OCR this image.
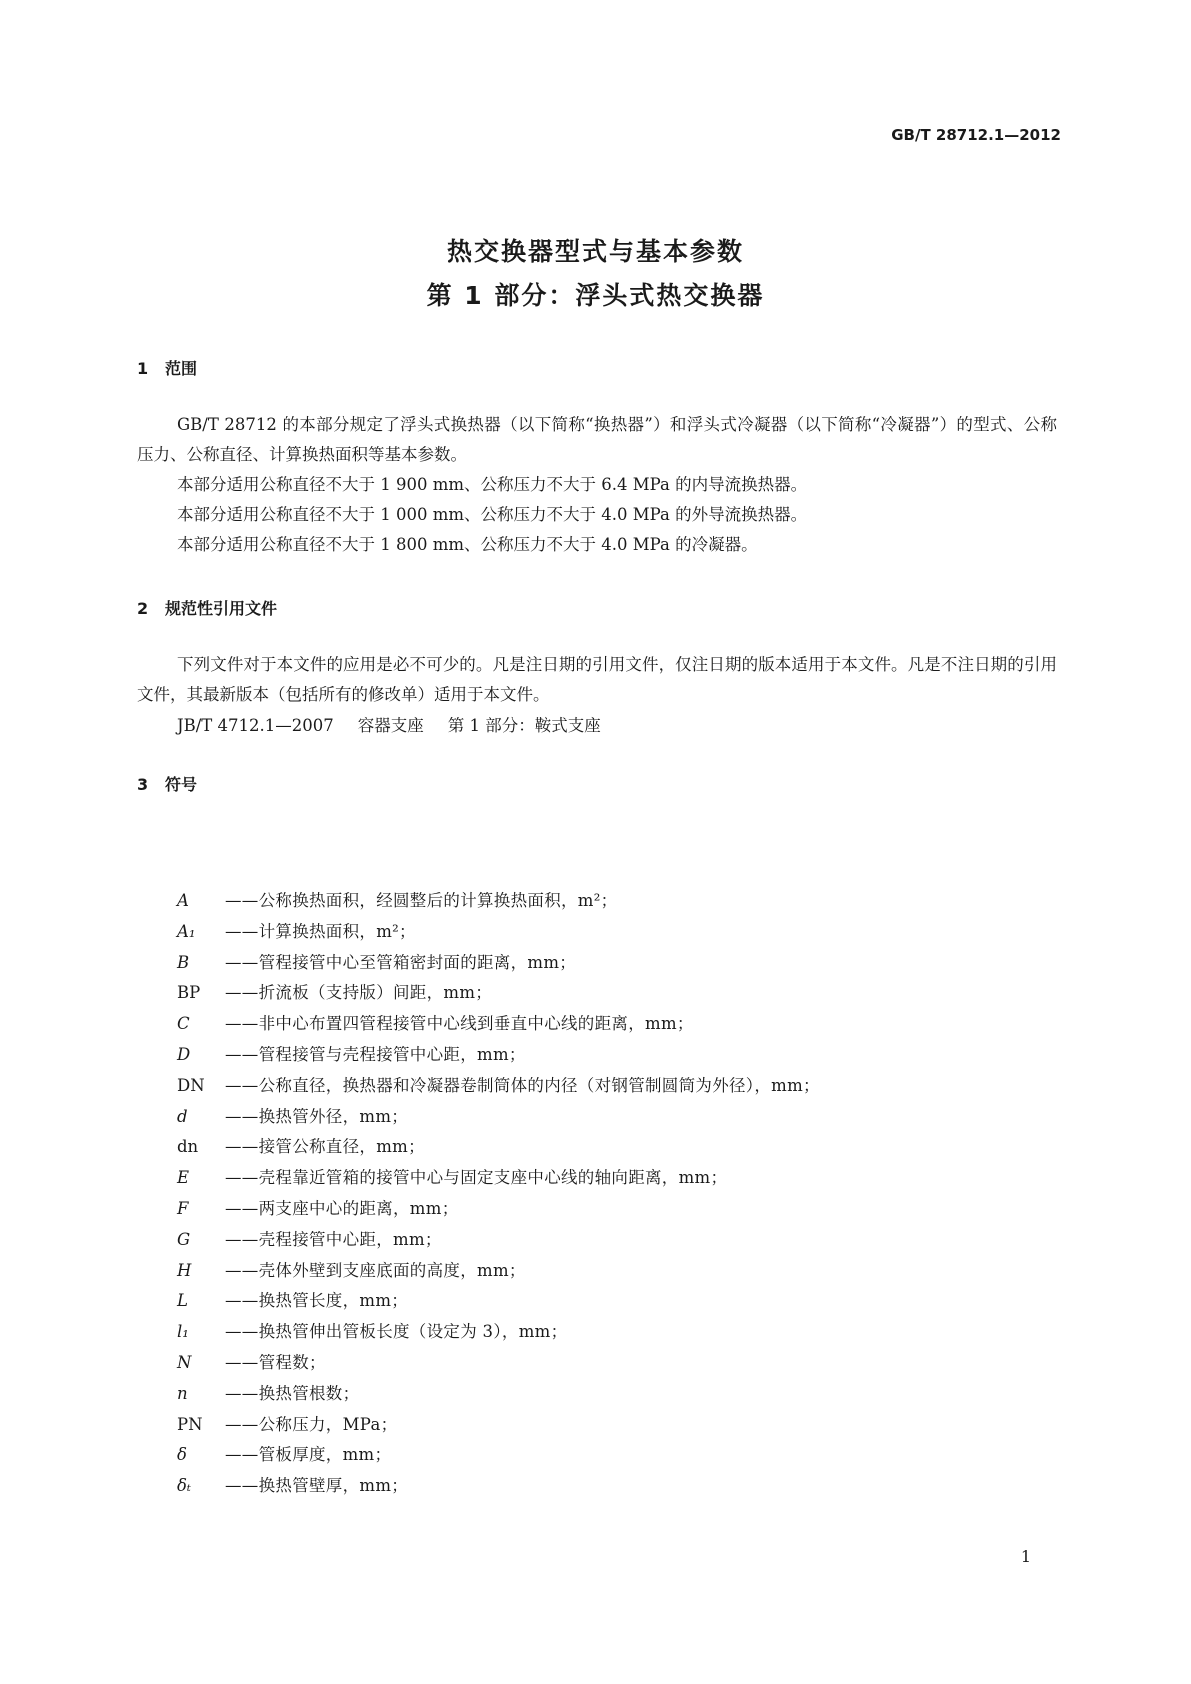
GB/T 28712.1—2012
热交换器型式与基本参数
第 1 部分：浮头式热交换器
1 范围
GB/T 28712 的本部分规定了浮头式换热器（以下简称“换热器”）和浮头式冷凝器（以下简称“冷凝器”）的型式、公称压力、公称直径、计算换热面积等基本参数。
本部分适用公称直径不大于 1 900 mm、公称压力不大于 6.4 MPa 的内导流换热器。
本部分适用公称直径不大于 1 000 mm、公称压力不大于 4.0 MPa 的外导流换热器。
本部分适用公称直径不大于 1 800 mm、公称压力不大于 4.0 MPa 的冷凝器。
2 规范性引用文件
下列文件对于本文件的应用是必不可少的。凡是注日期的引用文件，仅注日期的版本适用于本文件。凡是不注日期的引用文件，其最新版本（包括所有的修改单）适用于本文件。
JB/T 4712.1—2007 容器支座 第 1 部分：鞍式支座
3 符号
A ——公称换热面积，经圆整后的计算换热面积，m²；
A₁ ——计算换热面积，m²；
B ——管程接管中心至管箱密封面的距离，mm；
BP ——折流板（支持版）间距，mm；
C ——非中心布置四管程接管中心线到垂直中心线的距离，mm；
D ——管程接管与壳程接管中心距，mm；
DN ——公称直径，换热器和冷凝器卷制筒体的内径（对钢管制圆筒为外径），mm；
d ——换热管外径，mm；
dn ——接管公称直径，mm；
E ——壳程靠近管箱的接管中心与固定支座中心线的轴向距离，mm；
F ——两支座中心的距离，mm；
G ——壳程接管中心距，mm；
H ——壳体外壁到支座底面的高度，mm；
L ——换热管长度，mm；
l₁ ——换热管伸出管板长度（设定为 3），mm；
N ——管程数；
n ——换热管根数；
PN ——公称压力，MPa；
δ ——管板厚度，mm；
δₜ ——换热管壁厚，mm；
1
